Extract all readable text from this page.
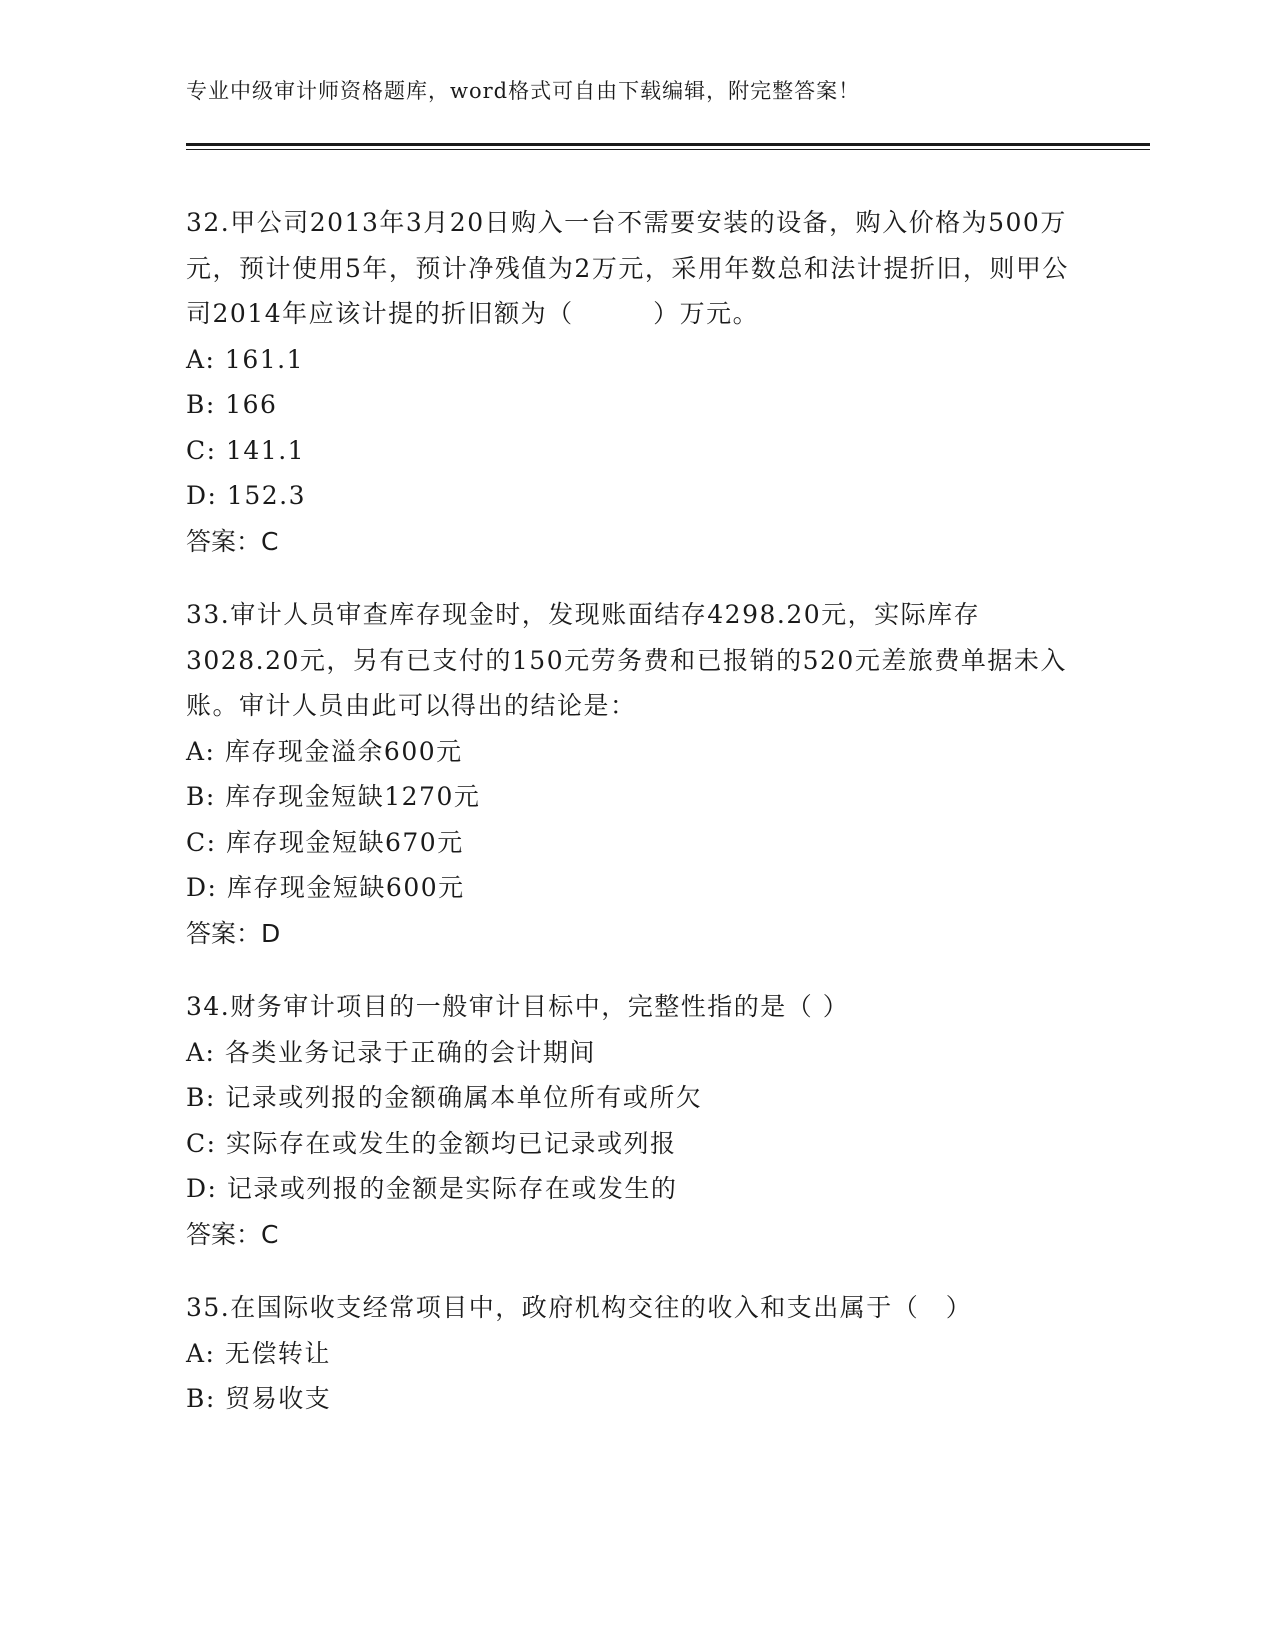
专业中级审计师资格题库，word格式可自由下载编辑，附完整答案！

32.甲公司2013年3月20日购入一台不需要安装的设备，购入价格为500万元，预计使用5年，预计净残值为2万元，采用年数总和法计提折旧，则甲公司2014年应该计提的折旧额为（　　　）万元。

A: 161.1

B: 166

C: 141.1

D: 152.3

答案：C

33.审计人员审查库存现金时，发现账面结存4298.20元，实际库存3028.20元，另有已支付的150元劳务费和已报销的520元差旅费单据未入账。审计人员由此可以得出的结论是：

A: 库存现金溢余600元

B: 库存现金短缺1270元

C: 库存现金短缺670元

D: 库存现金短缺600元

答案：D

34.财务审计项目的一般审计目标中，完整性指的是（ ）

A: 各类业务记录于正确的会计期间

B: 记录或列报的金额确属本单位所有或所欠

C: 实际存在或发生的金额均已记录或列报

D: 记录或列报的金额是实际存在或发生的

答案：C

35.在国际收支经常项目中，政府机构交往的收入和支出属于（　）

A: 无偿转让

B: 贸易收支
